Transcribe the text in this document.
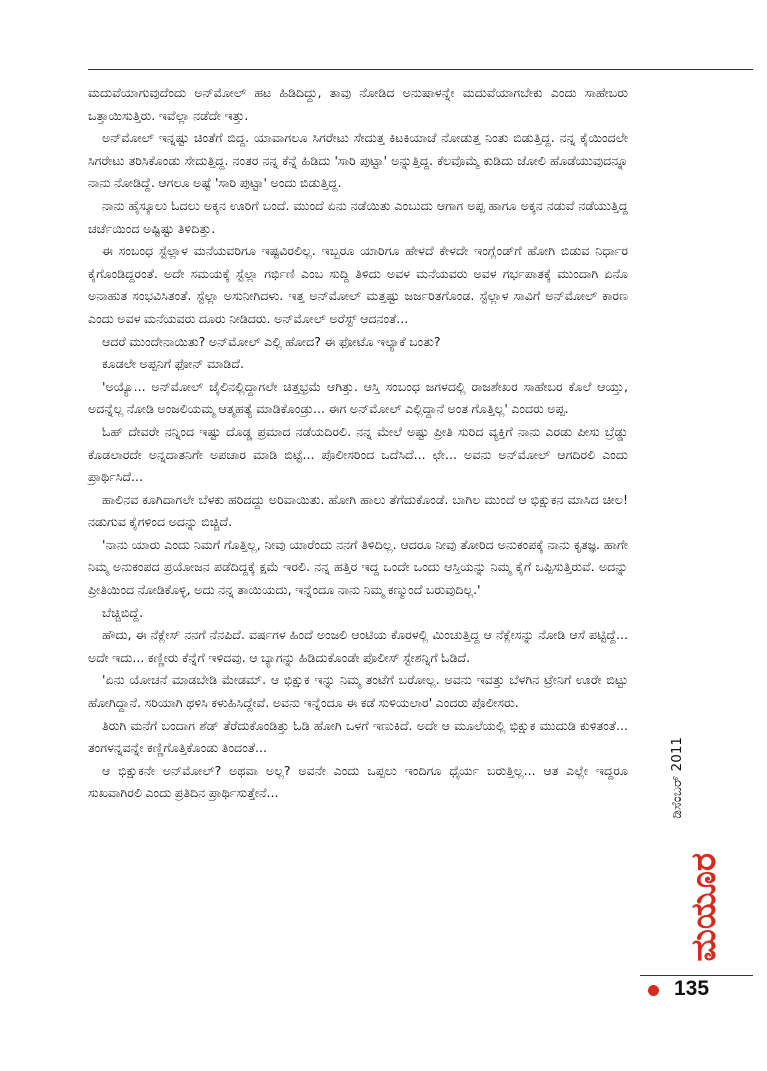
ಮದುವೆಯಾಗುವುದೆಂದು ಅನ್‌ಮೋಲ್ ಹಟ ಹಿಡಿದಿದ್ದು, ತಾವು ನೋಡಿದ ಅನುಷಾಳನ್ನೇ ಮದುವೆಯಾಗಬೇಕು ಎಂದು ಸಾಹೇಬರು ಒತ್ತಾಯಿಸುತ್ತಿರು. ಇವೆಲ್ಲಾ ನಡೆದೇ ಇತ್ತು.

ಅನ್‌ಮೋಲ್ ಇನ್ನಷ್ಟು ಚಿಂತೆಗೆ ಬಿದ್ದ. ಯಾವಾಗಲೂ ಸಿಗರೇಟು ಸೇದುತ್ತ ಕಿಟಕಿಯಾಚೆ ನೋಡುತ್ತ ನಿಂತು ಬಿಡುತ್ತಿದ್ದ. ನನ್ನ ಕೈಯಿಂದಲೇ ಸಿಗರೇಟು ತರಿಸಿಕೊಂಡು ಸೇದುತ್ತಿದ್ದ. ನಂತರ ನನ್ನ ಕೆನ್ನೆ ಹಿಡಿದು 'ಸಾರಿ ಪುಟ್ಟಾ' ಅನ್ನುತ್ತಿದ್ದ. ಕೆಲವೊಮ್ಮೆ ಕುಡಿದು ಜೋಲಿ ಹೊಡೆಯುವುದನ್ನೂ ನಾನು ನೋಡಿದ್ದೆ. ಆಗಲೂ ಅಷ್ಟೆ 'ಸಾರಿ ಪುಟ್ಟಾ' ಅಂದು ಬಿಡುತ್ತಿದ್ದ.

ನಾನು ಹೈಸ್ಕೂಲು ಓದಲು ಅಕ್ಕನ ಊರಿಗೆ ಬಂದೆ. ಮುಂದೆ ಏನು ನಡೆಯಿತು ಎಂಬುದು ಆಗಾಗ ಅಪ್ಪ ಹಾಗೂ ಅಕ್ಕನ ನಡುವೆ ನಡೆಯುತ್ತಿದ್ದ ಚರ್ಚೆಯಿಂದ ಅಷ್ಟಿಷ್ಟು ತಿಳಿದಿತ್ತು.

ಈ ಸಂಬಂಧ ಸ್ಟೆಲ್ಲಾಳ ಮನೆಯವರಿಗೂ ಇಷ್ಟವಿರಲಿಲ್ಲ. ಇಬ್ಬರೂ ಯಾರಿಗೂ ಹೇಳದೆ ಕೇಳದೇ ಇಂಗ್ಲೆಂಡ್‌ಗೆ ಹೋಗಿ ಬಿಡುವ ನಿರ್ಧಾರ ಕೈಗೊಂಡಿದ್ದರಂತೆ. ಅದೇ ಸಮಯಕ್ಕೆ ಸ್ಟೆಲ್ಲಾ ಗರ್ಭಿಣಿ ಎಂಬ ಸುದ್ದಿ ತಿಳಿದು ಅವಳ ಮನೆಯವರು ಅವಳ ಗರ್ಭಪಾತಕ್ಕೆ ಮುಂದಾಗಿ ಏನೊ ಅನಾಹುತ ಸಂಭವಿಸಿತಂತೆ. ಸ್ಟೆಲ್ಲಾ ಅಸುನೀಗಿದಳು. ಇತ್ತ ಅನ್‌ಮೋಲ್ ಮತ್ತಷ್ಟು ಜರ್ಜರಿತಗೊಂಡ. ಸ್ಟೆಲ್ಲಾಳ ಸಾವಿಗೆ ಅನ್‌ಮೋಲ್ ಕಾರಣ ಎಂದು ಅವಳ ಮನೆಯವರು ದೂರು ನೀಡಿದರು. ಅನ್‌ಮೋಲ್ ಅರೆಸ್ಟ್ ಆದನಂತೆ...

ಆದರೆ ಮುಂದೇನಾಯಿತು? ಅನ್‌ಮೋಲ್ ಎಲ್ಲಿ ಹೋದ? ಈ ಫೋಟೊ ಇಲ್ಯಾಕೆ ಬಂತು?

ಕೂಡಲೇ ಅಪ್ಪನಿಗೆ ಫೋನ್ ಮಾಡಿದೆ.

'ಅಯ್ಯೊ... ಅನ್‌ಮೋಲ್ ಜೈಲಿನಲ್ಲಿದ್ದಾಗಲೇ ಚಿತ್ತಭ್ರಮೆ ಆಗಿತ್ತು. ಆಸ್ತಿ ಸಂಬಂಧ ಜಗಳದಲ್ಲಿ ರಾಜಶೇಖರ ಸಾಹೇಬರ ಕೊಲೆ ಆಯ್ತು, ಅದನ್ನೆಲ್ಲ ನೋಡಿ ಅಂಜಲಿಯಮ್ಮ ಆತ್ಮಹತ್ಯೆ ಮಾಡಿಕೊಂಡ್ರು... ಈಗ ಅನ್‌ಮೋಲ್ ಎಲ್ಲಿದ್ದಾನೆ ಅಂತ ಗೊತ್ತಿಲ್ಲ' ಎಂದರು ಅಪ್ಪ.

ಓಹ್ ದೇವರೇ ನನ್ನಿಂದ ಇಷ್ಟು ದೊಡ್ಡ ಪ್ರಮಾದ ನಡೆಯದಿರಲಿ. ನನ್ನ ಮೇಲೆ ಅಷ್ಟು ಪ್ರೀತಿ ಸುರಿದ ವ್ಯಕ್ತಿಗೆ ನಾನು ಎರಡು ಪೀಸು ಬ್ರೆಡ್ಡು ಕೊಡಲಾರದೇ ಅನ್ನದಾತನಿಗೇ ಅಪಚಾರ ಮಾಡಿ ಬಿಟ್ಟೆ... ಪೊಲೀಸರಿಂದ ಒದೆಸಿದೆ... ಛೇ... ಅವನು ಅನ್‌ಮೋಲ್ ಆಗದಿರಲಿ ಎಂದು ಪ್ರಾರ್ಥಿಸಿದೆ...

ಹಾಲಿನವ ಕೂಗಿದಾಗಲೇ ಬೆಳಕು ಹರಿದದ್ದು ಅರಿವಾಯಿತು. ಹೋಗಿ ಹಾಲು ತೆಗೆದುಕೊಂಡೆ. ಬಾಗಿಲ ಮುಂದೆ ಆ ಭಿಕ್ಷುಕನ ಮಾಸಿದ ಚೀಲ! ನಡುಗುವ ಕೈಗಳಿಂದ ಅದನ್ನು ಬಿಚ್ಚಿದೆ.

'ನಾನು ಯಾರು ಎಂದು ನಿಮಗೆ ಗೊತ್ತಿಲ್ಲ, ನೀವು ಯಾರೆಂದು ನನಗೆ ತಿಳಿದಿಲ್ಲ. ಆದರೂ ನೀವು ತೋರಿದ ಅನುಕಂಪಕ್ಕೆ ನಾನು ಕೃತಜ್ಞ. ಹಾಗೇ ನಿಮ್ಮ ಅನುಕಂಪದ ಪ್ರಯೋಜನ ಪಡೆದಿದ್ದಕ್ಕೆ ಕ್ಷಮೆ ಇರಲಿ. ನನ್ನ ಹತ್ತಿರ ಇದ್ದ ಒಂದೇ ಒಂದು ಆಸ್ತಿಯನ್ನು ನಿಮ್ಮ ಕೈಗೆ ಒಪ್ಪಿಸುತ್ತಿರುವೆ. ಅದನ್ನು ಪ್ರೀತಿಯಿಂದ ನೋಡಿಕೊಳ್ಳಿ, ಅದು ನನ್ನ ತಾಯಿಯದು, ಇನ್ನೆಂದೂ ನಾನು ನಿಮ್ಮ ಕಣ್ಮುಂದೆ ಬರುವುದಿಲ್ಲ.'

ಬೆಚ್ಚಿಬಿದ್ದೆ.

ಹೌದು, ಈ ನೆಕ್ಲೇಸ್ ನನಗೆ ನೆನಪಿದೆ. ವರ್ಷಗಳ ಹಿಂದೆ ಅಂಜಲಿ ಆಂಟಿಯ ಕೊರಳಲ್ಲಿ ಮಿಂಚುತ್ತಿದ್ದ ಆ ನೆಕ್ಲೇಸನ್ನು ನೋಡಿ ಆಸೆ ಪಟ್ಟಿದ್ದೆ... ಅದೇ ಇದು... ಕಣ್ಣೀರು ಕೆನ್ನೆಗೆ ಇಳಿದವು. ಆ ಬ್ಯಾಗನ್ನು ಹಿಡಿದುಕೊಂಡೇ ಪೊಲೀಸ್ ಸ್ಟೇಶನ್ನಿಗೆ ಓಡಿದೆ.

'ಏನು ಯೋಚನೆ ಮಾಡಬೇಡಿ ಮೇಡಮ್. ಆ ಭಿಕ್ಷುಕ ಇನ್ನು ನಿಮ್ಮ ತಂಟೆಗೆ ಬರೋಲ್ಲ. ಅವನು ಇವತ್ತು ಬೆಳಗಿನ ಟ್ರೇನಿಗೆ ಊರೇ ಬಿಟ್ಟು ಹೋಗಿದ್ದಾನೆ. ಸರಿಯಾಗಿ ಥಳಿಸಿ ಕಳುಹಿಸಿದ್ದೇವೆ. ಅವನು ಇನ್ನೆಂದೂ ಈ ಕಡೆ ಸುಳಿಯಲಾರ' ಎಂದರು ಪೊಲೀಸರು.

ತಿರುಗಿ ಮನೆಗೆ ಬಂದಾಗ ಶೆಡ್ ತೆರೆದುಕೊಂಡಿತ್ತು ಓಡಿ ಹೋಗಿ ಒಳಗೆ ಇಣುಕಿದೆ. ಅದೇ ಆ ಮೂಲೆಯಲ್ಲಿ ಭಿಕ್ಷುಕ ಮುದುಡಿ ಕುಳಿತಂತೆ... ತಂಗಳನ್ನವನ್ನೇ ಕಣ್ಣಿಗೊತ್ತಿಕೊಂಡು ತಿಂದಂತೆ...

ಆ ಭಿಕ್ಷುಕನೇ ಅನ್‌ಮೋಲ್? ಅಥವಾ ಅಲ್ಲ? ಅವನೇ ಎಂದು ಒಪ್ಪಲು ಇಂದಿಗೂ ಧೈರ್ಯ ಬರುತ್ತಿಲ್ಲ... ಆತ ಎಲ್ಲೇ ಇದ್ದರೂ ಸುಖವಾಗಿರಲಿ ಎಂದು ಪ್ರತಿದಿನ ಪ್ರಾರ್ಥಿಸುತ್ತೇನೆ...	ಡಿಸೆಂಬರ್ 2011
ಮಯೂರ
135
